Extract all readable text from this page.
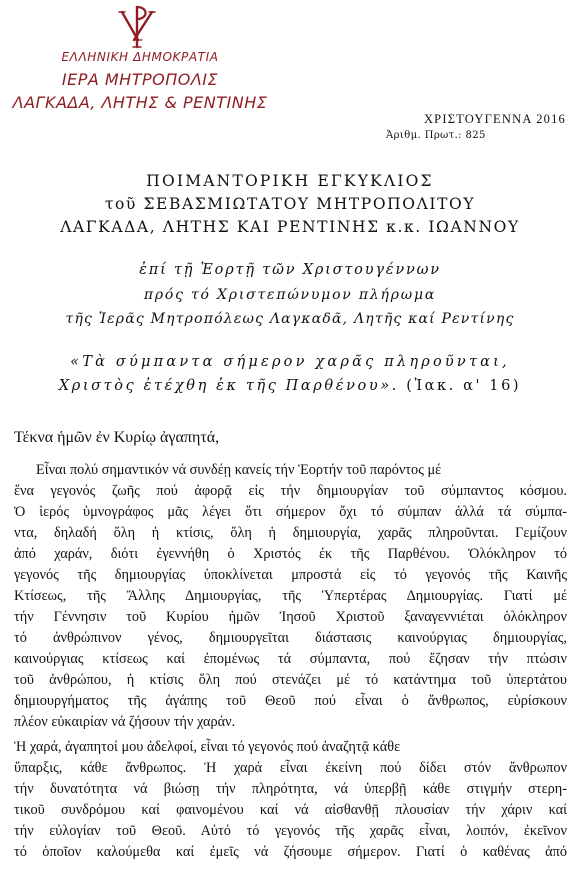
ΕΛΛΗΝΙΚΗ ΔΗΜΟΚΡΑΤΙΑ
ΙΕΡΑ ΜΗΤΡΟΠΟΛΙΣ
ΛΑΓΚΑΔΑ, ΛΗΤΗΣ & ΡΕΝΤΙΝΗΣ
ΧΡΙΣΤΟΥΓΕΝΝΑ 2016
Ἀριθμ. Πρωτ.: 825
ΠΟΙΜΑΝΤΟΡΙΚΗ ΕΓΚΥΚΛΙΟΣ
τοῦ ΣΕΒΑΣΜΙΩΤΑΤΟΥ ΜΗΤΡΟΠΟΛΙΤΟΥ
ΛΑΓΚΑΔΑ, ΛΗΤΗΣ ΚΑΙ ΡΕΝΤΙΝΗΣ κ.κ. ΙΩΑΝΝΟΥ
ἐπί τῇ Ἑορτῇ τῶν Χριστουγέννων
πρός τό Χριστεπώνυμον πλήρωμα
τῆς Ἱερᾶς Μητροπόλεως Λαγκαδᾶ, Λητῆς καί Ρεντίνης
«Τὰ σύμπαντα σήμερον χαρᾶς πληροῦνται,
Χριστὸς ἐτέχθη ἐκ τῆς Παρθένου». (Ἰακ. α' 16)
Τέκνα ἡμῶν ἐν Κυρίῳ ἀγαπητά,
Εἶναι πολύ σημαντικόν νά συνδέῃ κανείς τήν Ἑορτήν τοῦ παρόντος μέ
ἕνα γεγονός ζωῆς πού ἀφορᾷ εἰς τήν δημιουργίαν τοῦ σύμπαντος κόσμου.
Ὁ ἱερός ὑμνογράφος μᾶς λέγει ὅτι σήμερον ὄχι τό σύμπαν ἀλλά τά σύμπα-
ντα, δηλαδή ὅλη ἡ κτίσις, ὅλη ἡ δημιουργία, χαρᾶς πληροῦνται. Γεμίζουν
ἀπό χαράν, διότι ἐγεννήθη ὁ Χριστός ἐκ τῆς Παρθένου. Ὁλόκληρον τό
γεγονός τῆς δημιουργίας ὑποκλίνεται μπροστά εἰς τό γεγονός τῆς Καινῆς
Κτίσεως, τῆς Ἄλλης Δημιουργίας, τῆς Ὑπερτέρας Δημιουργίας. Γιατί μέ
τήν Γέννησιν τοῦ Κυρίου ἡμῶν Ἰησοῦ Χριστοῦ ξαναγεννιέται ὁλόκληρον
τό ἀνθρώπινον γένος, δημιουργεῖται διάστασις καινούργιας δημιουργίας,
καινούργιας κτίσεως καί ἐπομένως τά σύμπαντα, πού ἔζησαν τήν πτώσιν
τοῦ ἀνθρώπου, ἡ κτίσις ὅλη πού στενάζει μέ τό κατάντημα τοῦ ὑπερτάτου
δημιουργήματος τῆς ἀγάπης τοῦ Θεοῦ πού εἶναι ὁ ἄνθρωπος, εὑρίσκουν
πλέον εὐκαιρίαν νά ζήσουν τήν χαράν.
Ἡ χαρά, ἀγαπητοί μου ἀδελφοί, εἶναι τό γεγονός πού ἀναζητᾷ κάθε
ὕπαρξις, κάθε ἄνθρωπος. Ἡ χαρά εἶναι ἐκείνη πού δίδει στόν ἄνθρωπον
τήν δυνατότητα νά βιώσῃ τήν πληρότητα, νά ὑπερβῇ κάθε στιγμήν στερη-
τικοῦ συνδρόμου καί φαινομένου καί νά αἰσθανθῇ πλουσίαν τήν χάριν καί
τήν εὐλογίαν τοῦ Θεοῦ. Αὐτό τό γεγονός τῆς χαρᾶς εἶναι, λοιπόν, ἐκεῖνον
τό ὁποῖον καλούμεθα καί ἐμεῖς νά ζήσουμε σήμερον. Γιατί ὁ καθένας ἀπό
